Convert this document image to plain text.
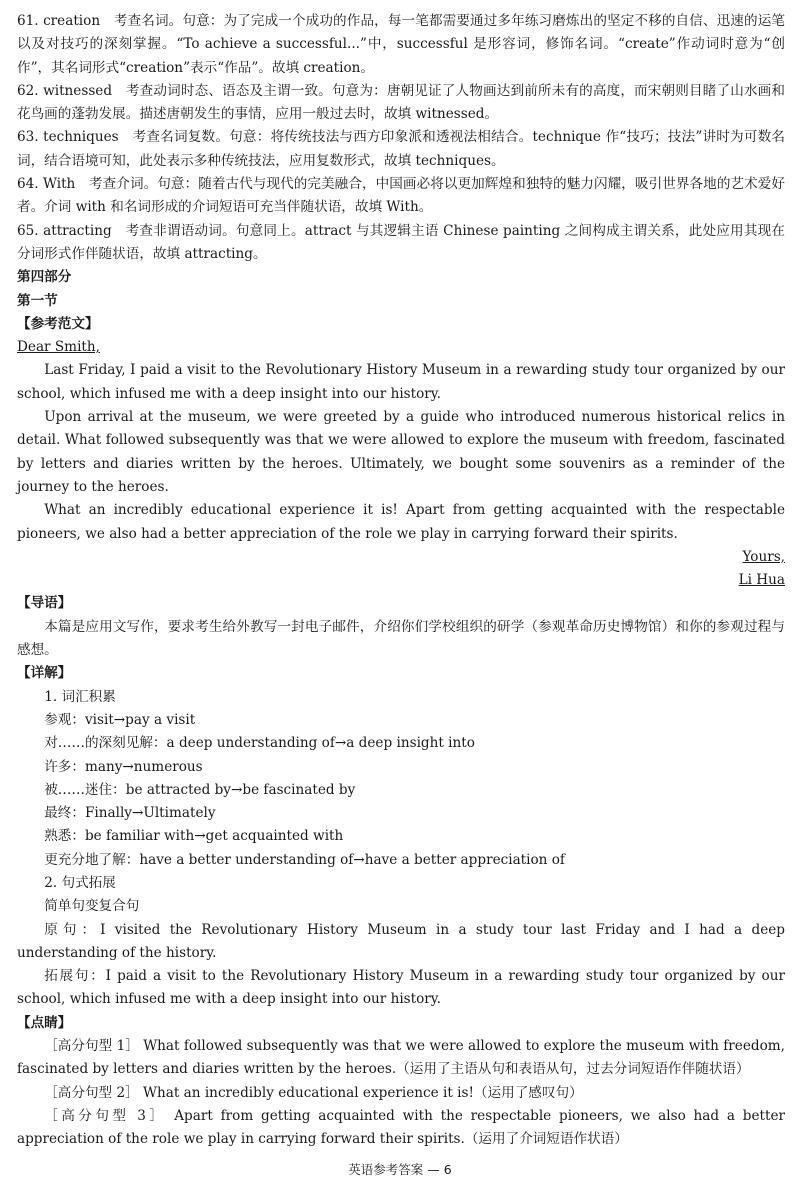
61. creation　考查名词。句意：为了完成一个成功的作品，每一笔都需要通过多年练习磨炼出的坚定不移的自信、迅速的运笔以及对技巧的深刻掌握。“To achieve a successful...”中，successful 是形容词，修饰名词。“create”作动词时意为“创作”，其名词形式“creation”表示“作品”。故填 creation。
62. witnessed　考查动词时态、语态及主谓一致。句意为：唐朝见证了人物画达到前所未有的高度，而宋朝则目睹了山水画和花鸟画的蓬勃发展。描述唐朝发生的事情，应用一般过去时，故填 witnessed。
63. techniques　考查名词复数。句意：将传统技法与西方印象派和透视法相结合。technique 作“技巧；技法”讲时为可数名词，结合语境可知，此处表示多种传统技法，应用复数形式，故填 techniques。
64. With　考查介词。句意：随着古代与现代的完美融合，中国画必将以更加辉煌和独特的魅力闪耀，吸引世界各地的艺术爱好者。介词 with 和名词形成的介词短语可充当伴随状语，故填 With。
65. attracting　考查非谓语动词。句意同上。attract 与其逻辑主语 Chinese painting 之间构成主谓关系，此处应用其现在分词形式作伴随状语，故填 attracting。
第四部分
第一节
【参考范文】
Dear Smith,

Last Friday, I paid a visit to the Revolutionary History Museum in a rewarding study tour organized by our school, which infused me with a deep insight into our history.

Upon arrival at the museum, we were greeted by a guide who introduced numerous historical relics in detail. What followed subsequently was that we were allowed to explore the museum with freedom, fascinated by letters and diaries written by the heroes. Ultimately, we bought some souvenirs as a reminder of the journey to the heroes.

What an incredibly educational experience it is! Apart from getting acquainted with the respectable pioneers, we also had a better appreciation of the role we play in carrying forward their spirits.

Yours,
Li Hua
【导语】

本篇是应用文写作，要求考生给外教写一封电子邮件，介绍你们学校组织的研学（参观革命历史博物馆）和你的参观过程与感想。

【详解】
1. 词汇积累
参观：visit→pay a visit
对……的深刻见解：a deep understanding of→a deep insight into
许多：many→numerous
被……迷住：be attracted by→be fascinated by
最终：Finally→Ultimately
熟悉：be familiar with→get acquainted with
更充分地了解：have a better understanding of→have a better appreciation of
2. 句式拓展
简单句变复合句

原句：I visited the Revolutionary History Museum in a study tour last Friday and I had a deep understanding of the history.

拓展句：I paid a visit to the Revolutionary History Museum in a rewarding study tour organized by our school, which infused me with a deep insight into our history.

【点睛】

［高分句型 1］ What followed subsequently was that we were allowed to explore the museum with freedom, fascinated by letters and diaries written by the heroes.（运用了主语从句和表语从句，过去分词短语作伴随状语）

［高分句型 2］ What an incredibly educational experience it is!（运用了感叹句）

［高分句型 3］ Apart from getting acquainted with the respectable pioneers, we also had a better appreciation of the role we play in carrying forward their spirits.（运用了介词短语作状语）

英语参考答案 — 6
